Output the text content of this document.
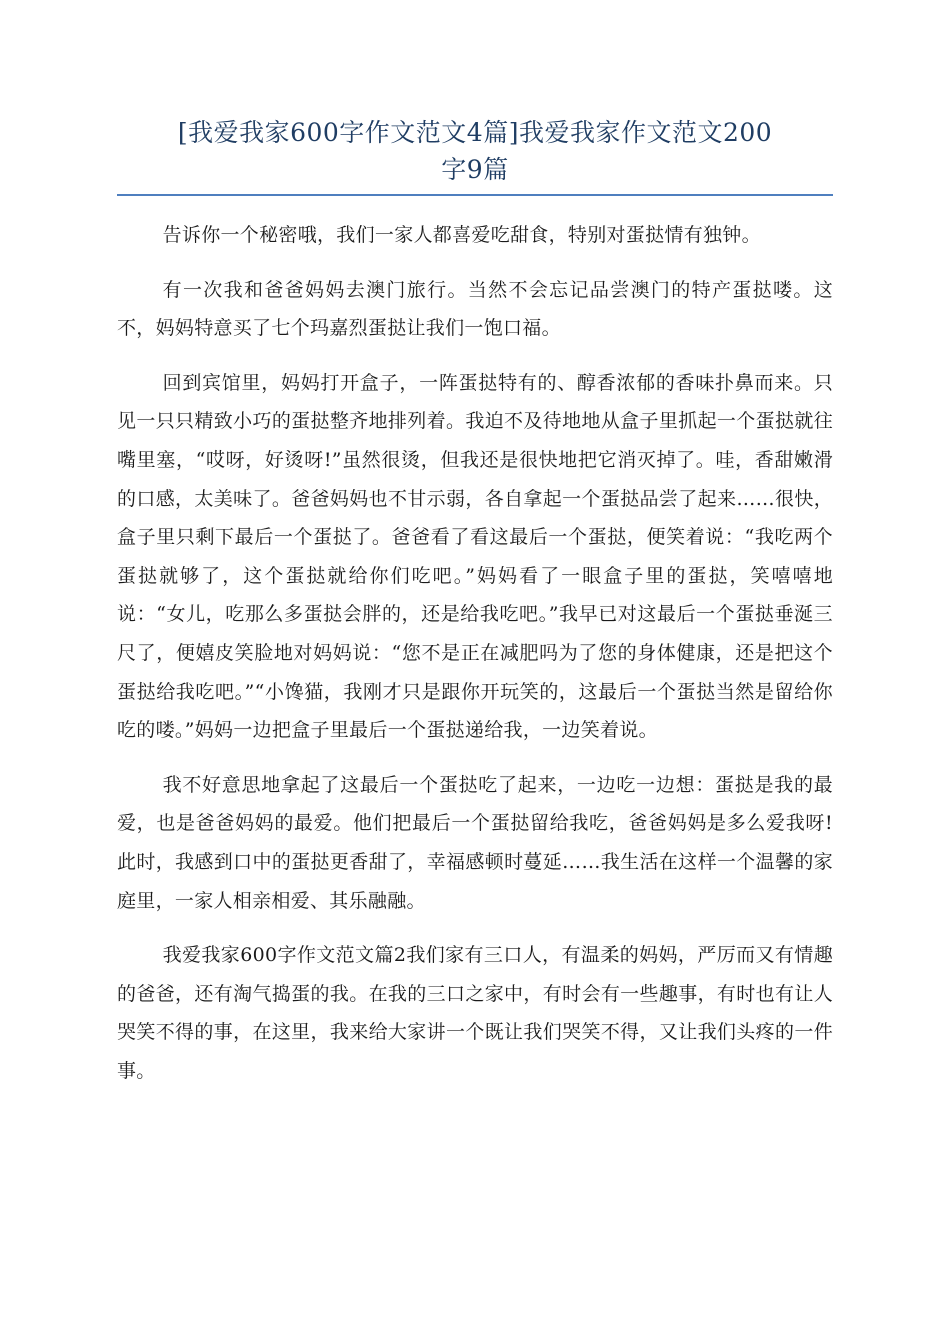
[我爱我家600字作文范文4篇]我爱我家作文范文200
字9篇

告诉你一个秘密哦，我们一家人都喜爱吃甜食，特别对蛋挞情有独钟。

有一次我和爸爸妈妈去澳门旅行。当然不会忘记品尝澳门的特产蛋挞喽。这不，妈妈特意买了七个玛嘉烈蛋挞让我们一饱口福。

回到宾馆里，妈妈打开盒子，一阵蛋挞特有的、醇香浓郁的香味扑鼻而来。只见一只只精致小巧的蛋挞整齐地排列着。我迫不及待地地从盒子里抓起一个蛋挞就往嘴里塞，“哎呀，好烫呀!”虽然很烫，但我还是很快地把它消灭掉了。哇，香甜嫩滑的口感，太美味了。爸爸妈妈也不甘示弱，各自拿起一个蛋挞品尝了起来……很快，盒子里只剩下最后一个蛋挞了。爸爸看了看这最后一个蛋挞，便笑着说：“我吃两个蛋挞就够了，这个蛋挞就给你们吃吧。”妈妈看了一眼盒子里的蛋挞，笑嘻嘻地说：“女儿，吃那么多蛋挞会胖的，还是给我吃吧。”我早已对这最后一个蛋挞垂涎三尺了，便嬉皮笑脸地对妈妈说：“您不是正在减肥吗为了您的身体健康，还是把这个蛋挞给我吃吧。”“小馋猫，我刚才只是跟你开玩笑的，这最后一个蛋挞当然是留给你吃的喽。”妈妈一边把盒子里最后一个蛋挞递给我，一边笑着说。

我不好意思地拿起了这最后一个蛋挞吃了起来，一边吃一边想：蛋挞是我的最爱，也是爸爸妈妈的最爱。他们把最后一个蛋挞留给我吃，爸爸妈妈是多么爱我呀!此时，我感到口中的蛋挞更香甜了，幸福感顿时蔓延……我生活在这样一个温馨的家庭里，一家人相亲相爱、其乐融融。

我爱我家600字作文范文篇2我们家有三口人，有温柔的妈妈，严厉而又有情趣的爸爸，还有淘气捣蛋的我。在我的三口之家中，有时会有一些趣事，有时也有让人哭笑不得的事，在这里，我来给大家讲一个既让我们哭笑不得，又让我们头疼的一件事。
